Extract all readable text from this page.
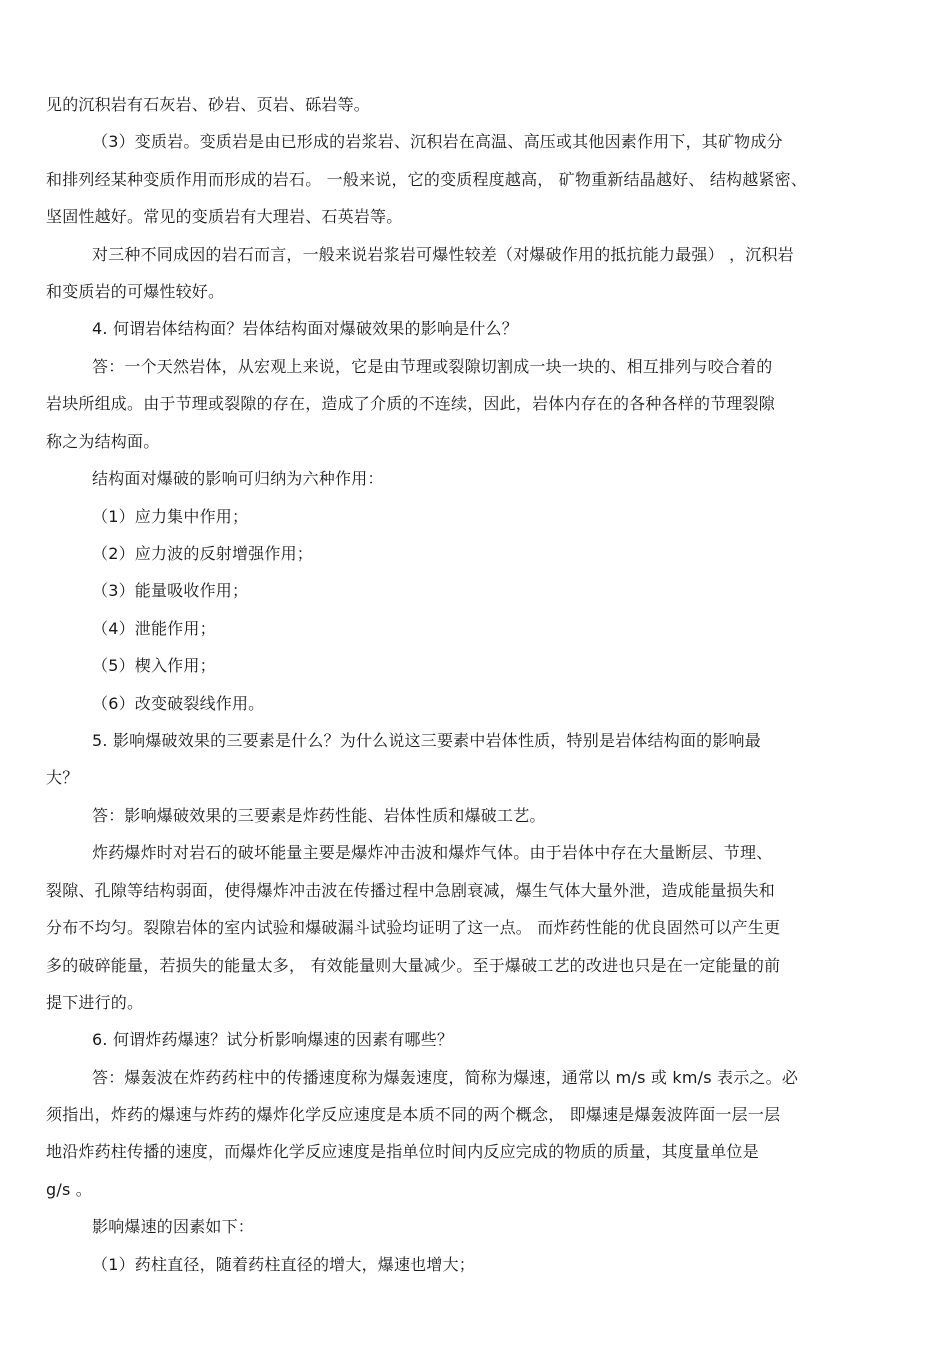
见的沉积岩有石灰岩、砂岩、页岩、砾岩等。
（3）变质岩。变质岩是由已形成的岩浆岩、沉积岩在高温、高压或其他因素作用下，其矿物成分
和排列经某种变质作用而形成的岩石。 一般来说，它的变质程度越高， 矿物重新结晶越好、 结构越紧密、
坚固性越好。常见的变质岩有大理岩、石英岩等。
对三种不同成因的岩石而言，一般来说岩浆岩可爆性较差（对爆破作用的抵抗能力最强） ，沉积岩
和变质岩的可爆性较好。
4. 何谓岩体结构面？岩体结构面对爆破效果的影响是什么？
答：一个天然岩体，从宏观上来说，它是由节理或裂隙切割成一块一块的、相互排列与咬合着的
岩块所组成。由于节理或裂隙的存在，造成了介质的不连续，因此，岩体内存在的各种各样的节理裂隙
称之为结构面。
结构面对爆破的影响可归纳为六种作用：
（1）应力集中作用；
（2）应力波的反射增强作用；
（3）能量吸收作用；
（4）泄能作用；
（5）楔入作用；
（6）改变破裂线作用。
5. 影响爆破效果的三要素是什么？为什么说这三要素中岩体性质，特别是岩体结构面的影响最
大？
答：影响爆破效果的三要素是炸药性能、岩体性质和爆破工艺。
炸药爆炸时对岩石的破坏能量主要是爆炸冲击波和爆炸气体。由于岩体中存在大量断层、节理、
裂隙、孔隙等结构弱面，使得爆炸冲击波在传播过程中急剧衰减，爆生气体大量外泄，造成能量损失和
分布不均匀。裂隙岩体的室内试验和爆破漏斗试验均证明了这一点。 而炸药性能的优良固然可以产生更
多的破碎能量，若损失的能量太多， 有效能量则大量减少。至于爆破工艺的改进也只是在一定能量的前
提下进行的。
6. 何谓炸药爆速？试分析影响爆速的因素有哪些？
答：爆轰波在炸药药柱中的传播速度称为爆轰速度，简称为爆速，通常以 m/s 或 km/s 表示之。必
须指出，炸药的爆速与炸药的爆炸化学反应速度是本质不同的两个概念， 即爆速是爆轰波阵面一层一层
地沿炸药柱传播的速度，而爆炸化学反应速度是指单位时间内反应完成的物质的质量，其度量单位是
g/s 。
影响爆速的因素如下：
（1）药柱直径，随着药柱直径的增大，爆速也增大；
